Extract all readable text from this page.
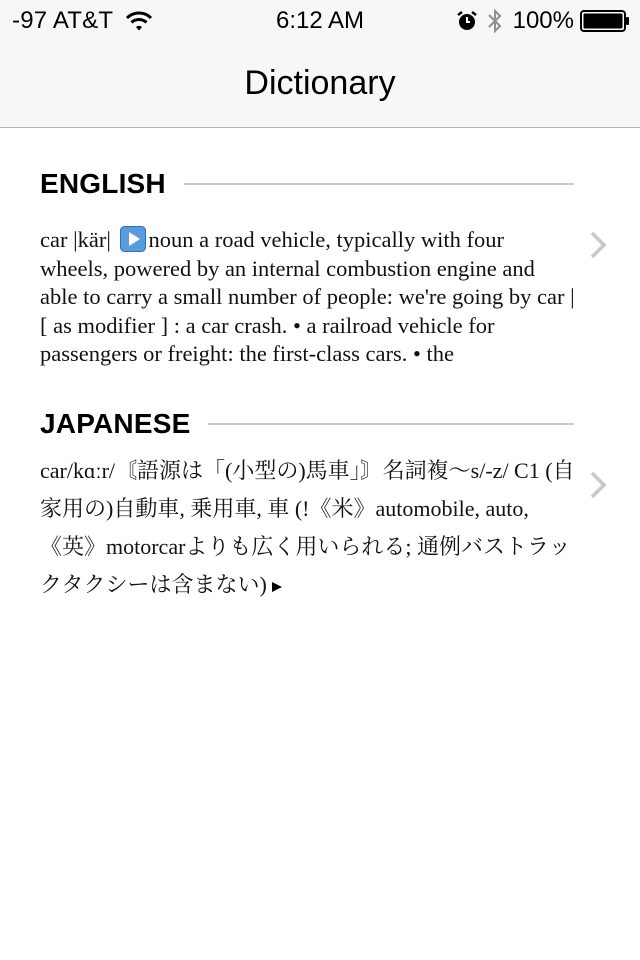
-97 AT&T	6:12 AM	100%
Dictionary
ENGLISH
car |kär| noun a road vehicle, typically with four wheels, powered by an internal combustion engine and able to carry a small number of people: we're going by car | [ as modifier ] : a car crash. • a railroad vehicle for passengers or freight: the first-class cars. • the
JAPANESE
car/kɑːr/〘語源は「(小型の)馬車」〙名詞複〜s/-z/ C1 (自家用の)自動車, 乗用車, 車 (!《米》automobile, auto, 《英》motorcarよりも広く用いられる; 通例バストラックタクシーは含まない)
